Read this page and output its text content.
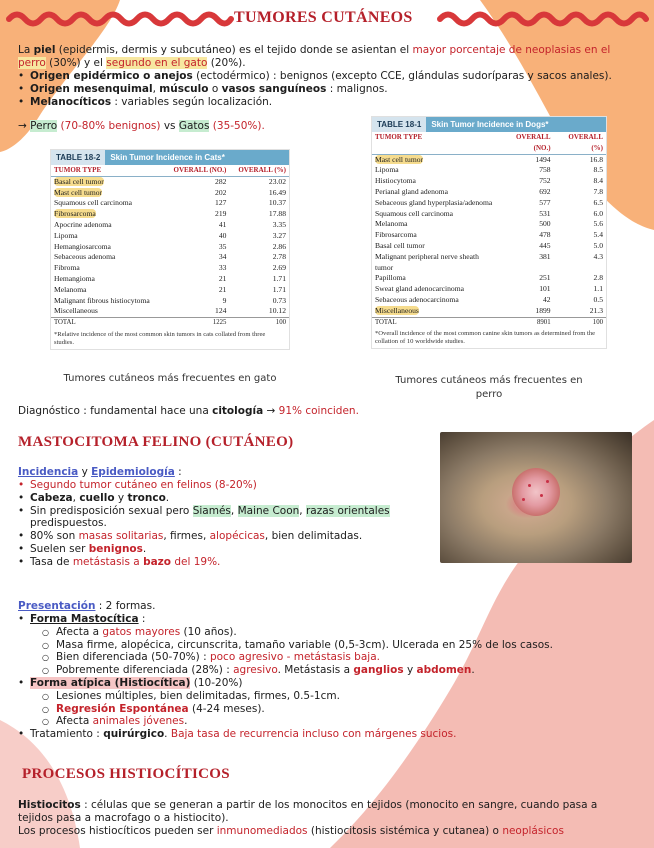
TUMORES CUTÁNEOS

La piel (epidermis, dermis y subcutáneo) es el tejido donde se asientan el mayor porcentaje de neoplasias en el perro (30%) y el segundo en el gato (20%).

• Origen epidérmico o anejos (ectodérmico) : benignos (excepto CCE, glándulas sudoríparas y sacos anales).
• Origen mesenquimal, músculo o vasos sanguíneos : malignos.
• Melanocíticos : variables según localización.

→ Perro (70-80% benignos) vs Gatos (35-50%).

TABLE 18-2	Skin Tumor Incidence in Cats*
TUMOR TYPE	OVERALL (NO.)	OVERALL (%)
Basal cell tumor	282	23.02
Mast cell tumor	202	16.49
Squamous cell carcinoma	127	10.37
Fibrosarcoma	219	17.88
Apocrine adenoma	41	3.35
Lipoma	40	3.27
Hemangiosarcoma	35	2.86
Sebaceous adenoma	34	2.78
Fibroma	33	2.69
Hemangioma	21	1.71
Melanoma	21	1.71
Malignant fibrous histiocytoma	9	0.73
Miscellaneous	124	10.12
TOTAL	1225	100
*Relative incidence of the most common skin tumors in cats collated from three studies.
Tumores cutáneos más frecuentes en gato
TABLE 18-1	Skin Tumor Incidence in Dogs*
TUMOR TYPE	OVERALL (NO.)	OVERALL (%)
Mast cell tumor	1494	16.8
Lipoma	758	8.5
Histiocytoma	752	8.4
Perianal gland adenoma	692	7.8
Sebaceous gland hyperplasia/adenoma	577	6.5
Squamous cell carcinoma	531	6.0
Melanoma	500	5.6
Fibrosarcoma	478	5.4
Basal cell tumor	445	5.0
Malignant peripheral nerve sheath tumor	381	4.3
Papilloma	251	2.8
Sweat gland adenocarcinoma	101	1.1
Sebaceous adenocarcinoma	42	0.5
Miscellaneous	1899	21.3
TOTAL	8901	100
*Overall incidence of the most common canine skin tumors as determined from the collation of 10 worldwide studies.
Tumores cutáneos más frecuentes en perro

Diagnóstico : fundamental hace una citología → 91% coinciden.

MASTOCITOMA FELINO (CUTÁNEO)

Incidencia y Epidemiología :

• Segundo tumor cutáneo en felinos (8-20%)
• Cabeza, cuello y tronco.
• Sin predisposición sexual pero Siamés, Maine Coon, razas orientales
predispuestos.
• 80% son masas solitarias, firmes, alopécicas, bien delimitadas.
• Suelen ser benignos.
• Tasa de metástasis a bazo del 19%.

Presentación : 2 formas.

• Forma Mastocítica :
○ Afecta a gatos mayores (10 años).
○ Masa firme, alopécica, circunscrita, tamaño variable (0,5-3cm). Ulcerada en 25% de los casos.
○ Bien diferenciada (50-70%) : poco agresivo - metástasis baja.
○ Pobremente diferenciada (28%) : agresivo. Metástasis a ganglios y abdomen.
• Forma atípica (Histiocítica) (10-20%)
○ Lesiones múltiples, bien delimitadas, firmes, 0.5-1cm.
○ Regresión Espontánea (4-24 meses).
○ Afecta animales jóvenes.
• Tratamiento : quirúrgico. Baja tasa de recurrencia incluso con márgenes sucios.
PROCESOS HISTIOCÍTICOS

Histiocitos : células que se generan a partir de los monocitos en tejidos (monocito en sangre, cuando pasa a tejidos pasa a macrofago o a histiocito).

Los procesos histiocíticos pueden ser inmunomediados (histiocitosis sistémica y cutanea) o neoplásicos
